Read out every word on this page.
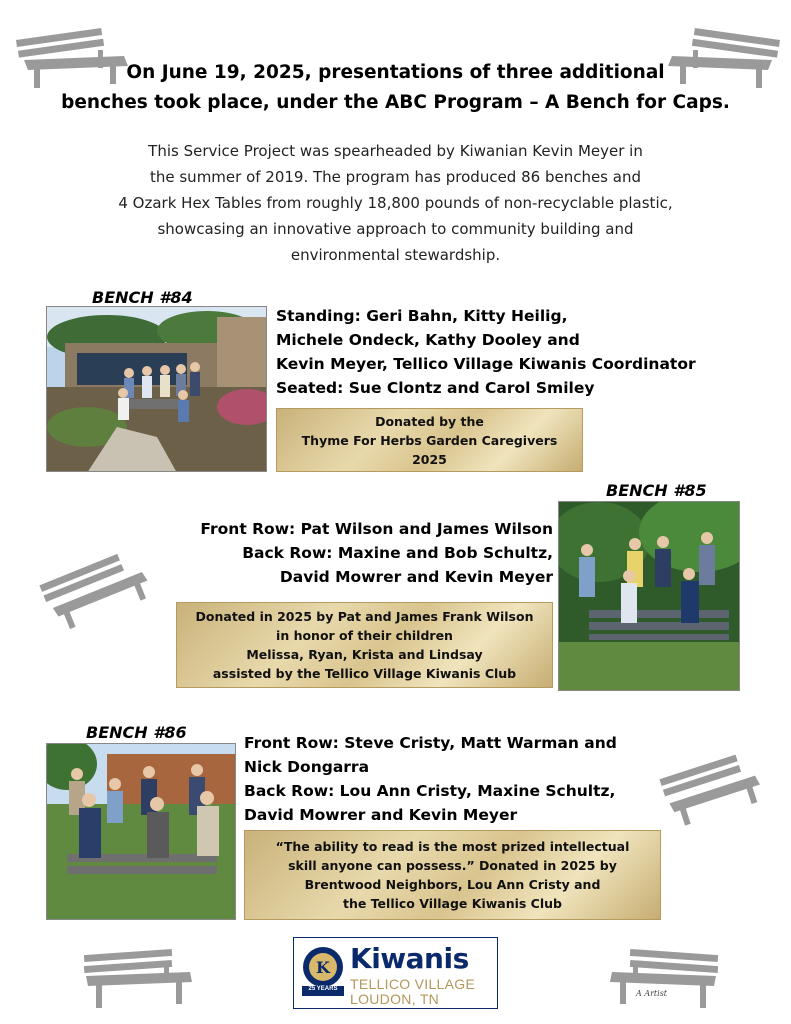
On June 19, 2025, presentations of three additional
benches took place, under the ABC Program – A Bench for Caps.
This Service Project was spearheaded by Kiwanian Kevin Meyer in
the summer of 2019. The program has produced 86 benches and
4 Ozark Hex Tables from roughly 18,800 pounds of non-recyclable plastic,
showcasing an innovative approach to community building and
environmental stewardship.
BENCH #84
Standing: Geri Bahn, Kitty Heilig,
Michele Ondeck, Kathy Dooley and
Kevin Meyer, Tellico Village Kiwanis Coordinator
Seated: Sue Clontz and Carol Smiley
Donated by the
Thyme For Herbs Garden Caregivers
2025
BENCH #85
Front Row: Pat Wilson and James Wilson
Back Row: Maxine and Bob Schultz,
David Mowrer and Kevin Meyer
Donated in 2025 by Pat and James Frank Wilson
in honor of their children
Melissa, Ryan, Krista and Lindsay
assisted by the Tellico Village Kiwanis Club
BENCH #86
Front Row: Steve Cristy, Matt Warman and
Nick Dongarra
Back Row: Lou Ann Cristy, Maxine Schultz,
David Mowrer and Kevin Meyer
“The ability to read is the most prized intellectual
skill anyone can possess.” Donated in 2025 by
Brentwood Neighbors, Lou Ann Cristy and
the Tellico Village Kiwanis Club
K
25 YEARS
Kiwanis
TELLICO VILLAGE
LOUDON, TN	A Artist
